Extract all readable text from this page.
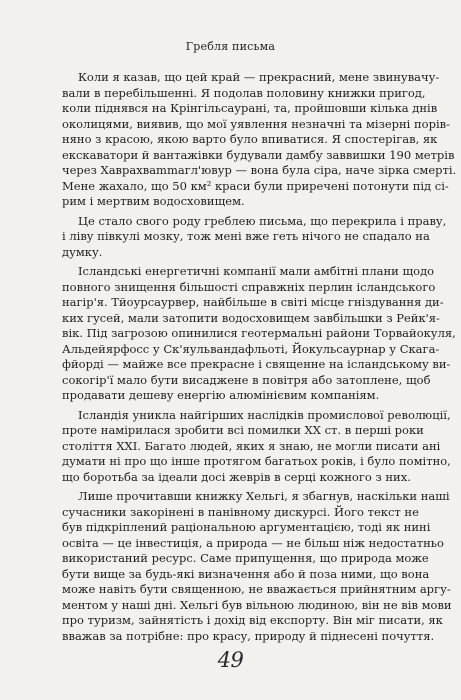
Гребля письма
Коли я казав, що цей край — прекрасний, мене звинувачу-
вали в перебільшенні. Я подолав половину книжки пригод,
коли піднявся на Крінгільсауранi, та, пройшовши кілька днів
околицями, виявив, що мої уявлення незначні та мізерні порів-
няно з красою, якою варто було впиватися. Я спостерігав, як
екскаватори й вантажівки будували дамбу заввишки 190 метрів
через Хаврахвammaгл'ювур — вона була сіра, наче зірка смерті.
Мене жахало, що 50 км² краси були приречені потонути пiд сі-
рим і мертвим водосховищем.
Це стало свого роду греблею письма, що перекрила і праву,
і ліву півкулі мозку, тож мені вже геть нічого не спадало на
думку.
Ісландські енергетичні компанії мали амбітні плани щодо
повного знищення більшості справжніх перлин ісландського
нагір'я. Тйоурсаурвер, найбільше в світі місце гніздування ди-
ких гусей, мали затопити водосховищем завбільшки з Рейк'я-
вік. Під загрозою опинилися геотермальні райони Торвайокуля,
Альдейярфосс у Ск'яульвандафльоті, Йокульсаурнар у Скага-
фйорді — майже все прекрасне і священне на ісландському ви-
сокогір'ї мало бути висаджене в повітря або затоплене, щоб
продавати дешеву енергію алюмінієвим компаніям.
Ісландія уникла найгірших наслідків промислової революції,
проте намірилася зробити всі помилки XX ст. в перші роки
століття XXI. Багато людей, яких я знаю, не могли писати ані
думати ні про що інше протягом багатьох років, і було помітно,
що боротьба за ідеали досі жеврів в серці кожного з них.
Лише прочитавши книжку Хельгі, я збагнув, наскільки наші
сучасники закорінені в панівному дискурсі. Його текст не
був підкріплений раціональною аргументацією, тоді як нині
освіта — це інвестиція, а природа — не більш ніж недостатньо
використаний ресурс. Саме припущення, що природа може
бути вище за будь-які визначення або й поза ними, що вона
може навіть бути священною, не вважається прийнятним аргу-
ментом у наші дні. Хельгі був вільною людиною, він не вів мови
про туризм, зайнятість і дохід від експорту. Він міг писати, як
вважав за потрібне: про красу, природу й піднесені почуття.
49
